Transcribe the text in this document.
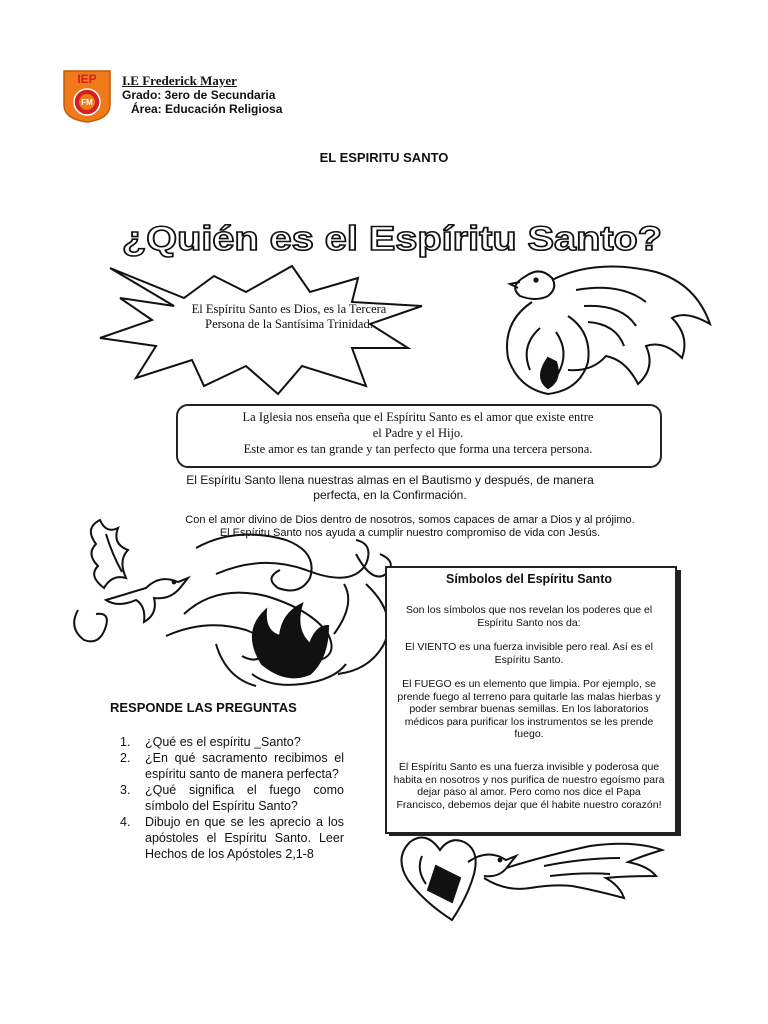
IEP
FM
I.E Frederick Mayer
Grado: 3ero de Secundaria
Área: Educación Religiosa
EL ESPIRITU SANTO
¿Quién es el Espíritu Santo?
El Espíritu Santo es Dios, es la Tercera Persona de la Santísima Trinidad.
La Iglesia nos enseña que el Espíritu Santo es el amor que existe entre
el Padre y el Hijo.
Este amor es tan grande y tan perfecto que forma una tercera persona.
El Espíritu Santo llena nuestras almas en el Bautismo y después, de manera
perfecta, en la Confirmación.
Con el amor divino de Dios dentro de nosotros, somos capaces de amar a Dios y al prójimo.
El Espíritu Santo nos ayuda a cumplir nuestro compromiso de vida con Jesús.
Símbolos del Espíritu Santo
Son los símbolos que nos revelan los poderes que el Espíritu Santo nos da:
El VIENTO es una fuerza invisible pero real. Así es el Espíritu Santo.
El FUEGO es un elemento que limpia. Por ejemplo, se prende fuego al terreno para quitarle las malas hierbas y poder sembrar buenas semillas. En los laboratorios médicos para purificar los instrumentos se les prende fuego.
El Espíritu Santo es una fuerza invisible y poderosa que habita en nosotros y nos purifica de nuestro egoísmo para dejar paso al amor. Pero como nos dice el Papa Francisco, debemos dejar que él habite nuestro corazón!
RESPONDE LAS PREGUNTAS
1. ¿Qué es el espíritu _Santo?
2. ¿En qué sacramento recibimos el espíritu santo de manera perfecta?
3. ¿Qué significa el fuego como símbolo del Espíritu Santo?
4. Dibujo en que se les aprecio a los apóstoles el Espíritu Santo. Leer Hechos de los Apóstoles 2,1-8
